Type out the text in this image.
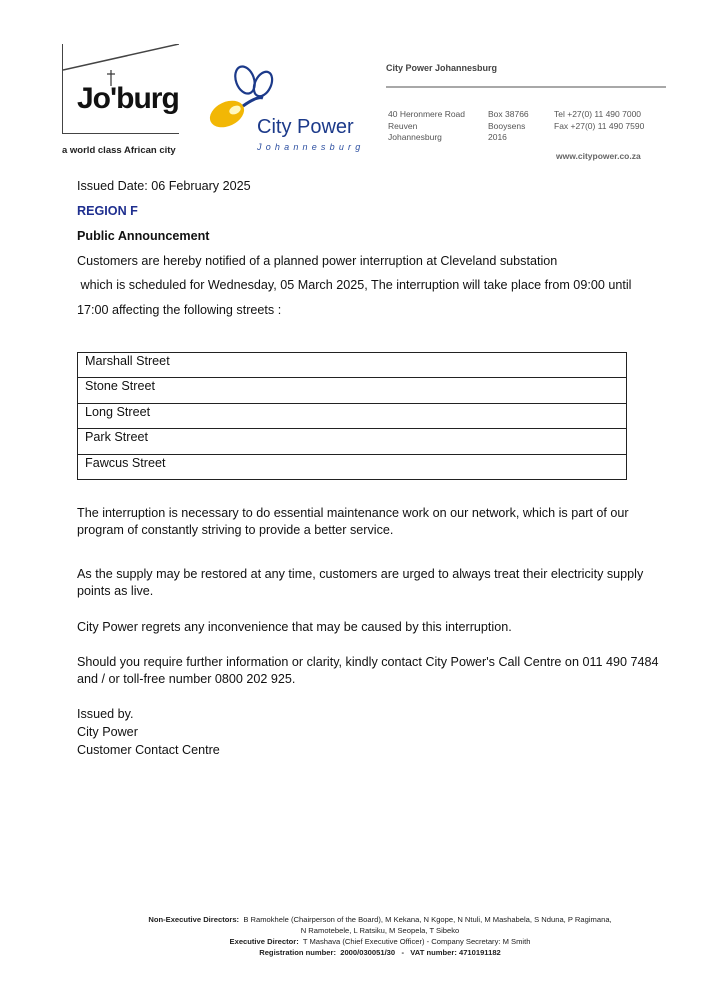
Jo'burg
a world class African city
City Power
Johannesburg
City Power Johannesburg
40 Heronmere Road
Reuven
Johannesburg
Box 38766
Booysens
2016
Tel +27(0) 11 490 7000
Fax +27(0) 11 490 7590
www.citypower.co.za
Issued Date: 06 February 2025
REGION F
Public Announcement
Customers are hereby notified of a planned power interruption at Cleveland substation
which is scheduled for Wednesday, 05 March 2025, The interruption will take place from 09:00 until
17:00 affecting the following streets :
Marshall Street
Stone Street
Long Street
Park Street
Fawcus Street
The interruption is necessary to do essential maintenance work on our network, which is part of our program of constantly striving to provide a better service.
As the supply may be restored at any time, customers are urged to always treat their electricity supply points as live.
City Power regrets any inconvenience that may be caused by this interruption.
Should you require further information or clarity, kindly contact City Power's Call Centre on 011 490 7484 and / or toll-free number 0800 202 925.
Issued by.
City Power
Customer Contact Centre
Non-Executive Directors: B Ramokhele (Chairperson of the Board), M Kekana, N Kgope, N Ntuli, M Mashabela, S Nduna, P Ragimana,
N Ramotebele, L Ratsiku, M Seopela, T Sibeko
Executive Director: T Mashava (Chief Executive Officer) - Company Secretary: M Smith
Registration number:  2000/030051/30   -   VAT number: 4710191182
